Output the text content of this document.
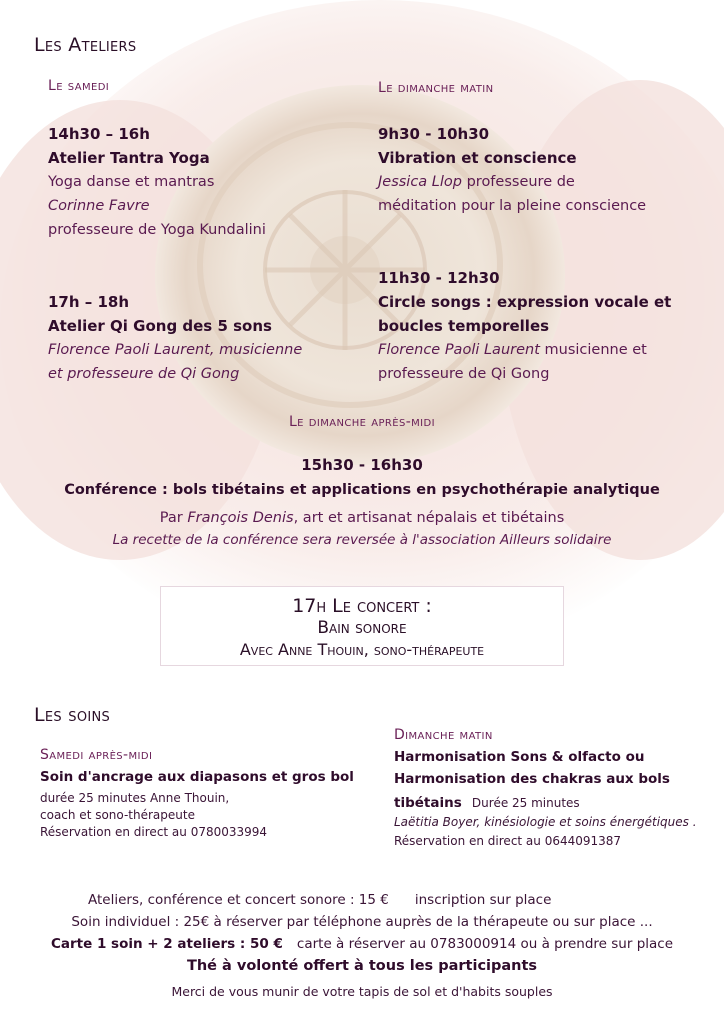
Les Ateliers
Le samedi
14h30 – 16h
Atelier Tantra Yoga
Yoga danse et mantras
Corinne Favre
professeure de Yoga Kundalini
17h – 18h
Atelier Qi Gong des 5 sons
Florence Paoli Laurent, musicienne
et professeure de Qi Gong
Le dimanche matin
9h30 - 10h30
Vibration et conscience
Jessica Llop professeure de
méditation pour la pleine conscience
11h30 - 12h30
Circle songs : expression vocale et
boucles temporelles
Florence Paoli Laurent musicienne et
professeure de Qi Gong
Le dimanche après-midi
15h30 - 16h30
Conférence : bols tibétains et applications en psychothérapie analytique
Par François Denis, art et artisanat népalais et tibétains
La recette de la conférence sera reversée à l'association Ailleurs solidaire
17h Le concert :
Bain sonore
Avec Anne Thouin, sono-thérapeute
Les soins
Samedi après-midi
Soin d'ancrage aux diapasons et gros bol
durée 25 minutes Anne Thouin,
coach et sono-thérapeute
Réservation en direct au 0780033994
Dimanche matin
Harmonisation Sons & olfacto ou
Harmonisation des chakras aux bols
tibétains Durée 25 minutes
Laëtitia Boyer, kinésiologie et soins énergétiques .
Réservation en direct au 0644091387
Ateliers, conférence et concert sonore : 15 € inscription sur place
Soin individuel : 25€ à réserver par téléphone auprès de la thérapeute ou sur place ...
Carte 1 soin + 2 ateliers : 50 € carte à réserver au 0783000914 ou à prendre sur place
Thé à volonté offert à tous les participants
Merci de vous munir de votre tapis de sol et d'habits souples
